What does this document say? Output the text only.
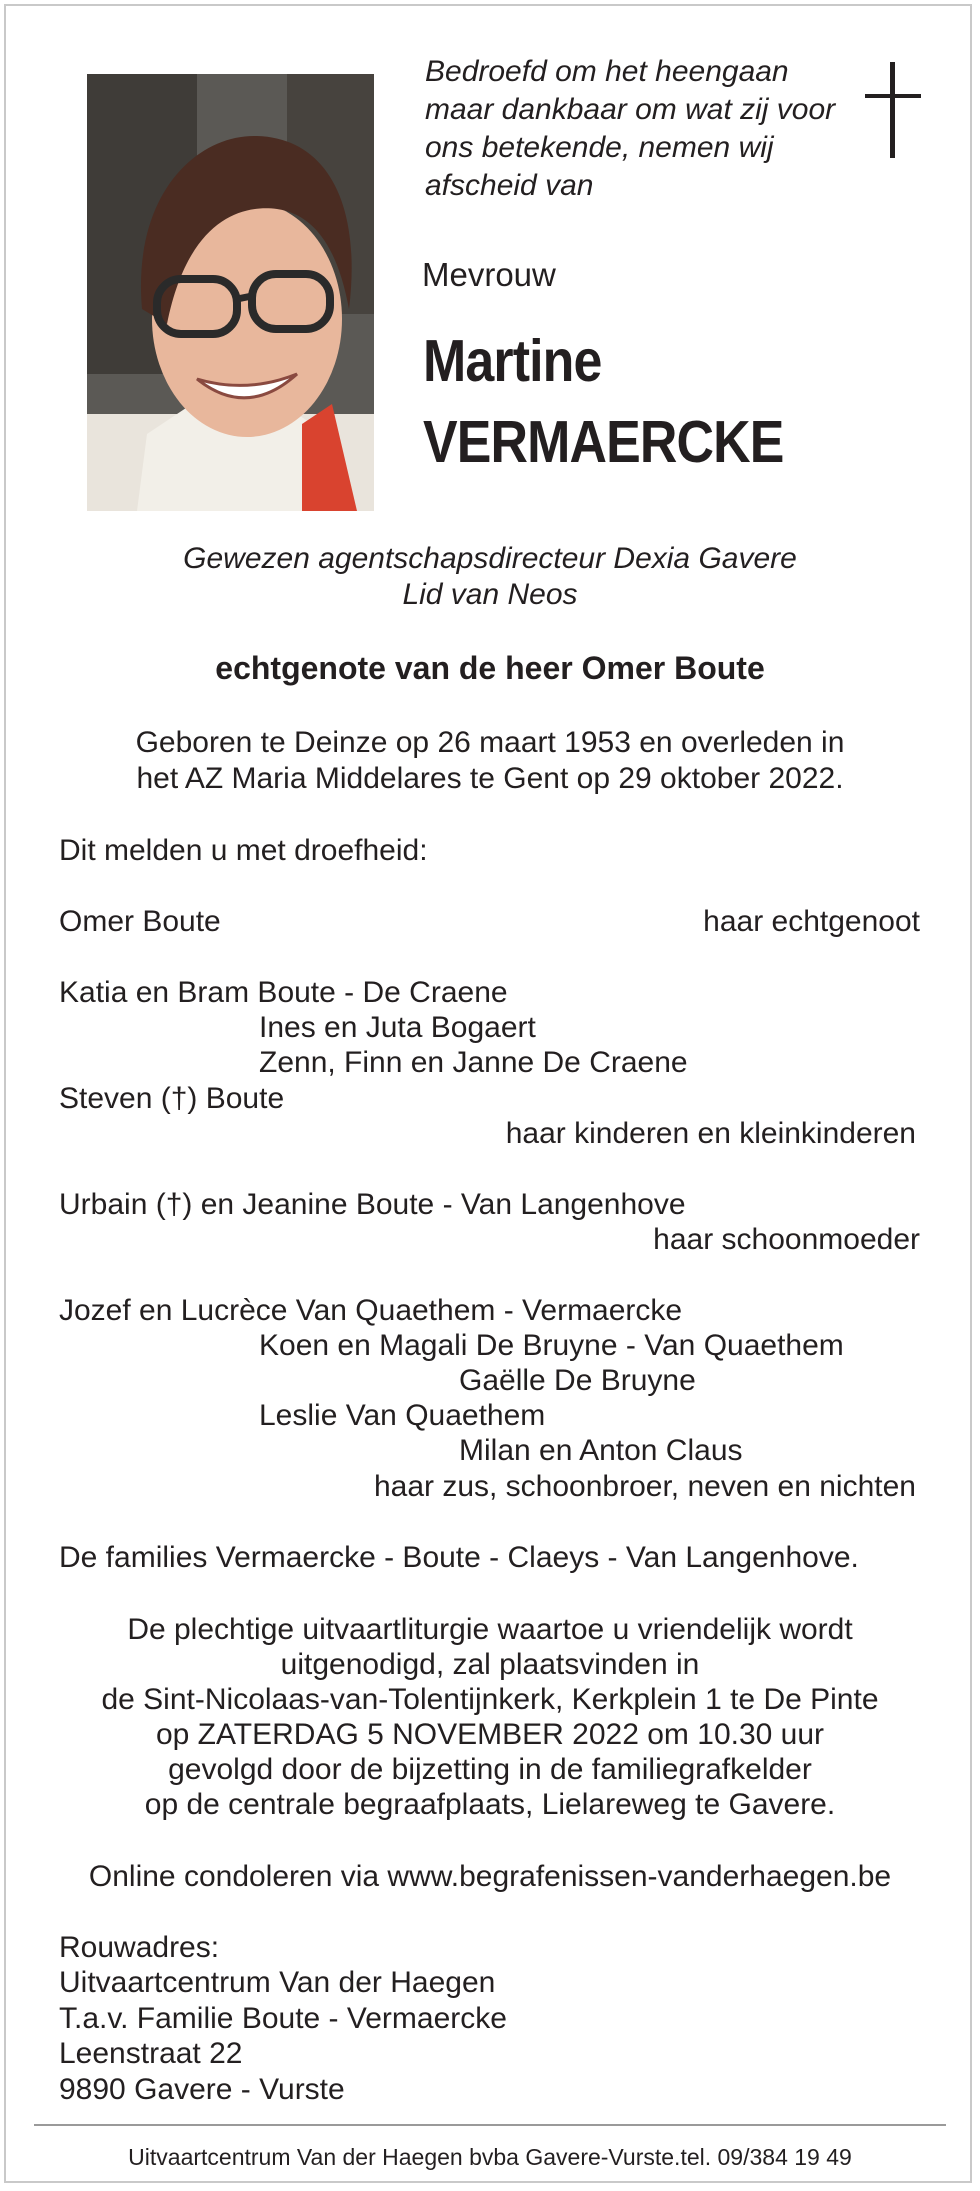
Bedroefd om het heengaan maar dankbaar om wat zij voor ons betekende, nemen wij afscheid van
Mevrouw
Martine
VERMAERCKE
Gewezen agentschapsdirecteur Dexia Gavere
Lid van Neos
echtgenote van de heer Omer Boute
Geboren te Deinze op 26 maart 1953 en overleden in
het AZ Maria Middelares te Gent op 29 oktober 2022.
Dit melden u met droefheid:
Omer Boute	haar echtgenoot
Katia en Bram Boute - De Craene
Ines en Juta Bogaert
Zenn, Finn en Janne De Craene
Steven (†) Boute
haar kinderen en kleinkinderen
Urbain (†) en Jeanine Boute - Van Langenhove
haar schoonmoeder
Jozef en Lucrèce Van Quaethem - Vermaercke
Koen en Magali De Bruyne - Van Quaethem
Gaëlle De Bruyne
Leslie Van Quaethem
Milan en Anton Claus
haar zus, schoonbroer, neven en nichten
De families Vermaercke - Boute - Claeys - Van Langenhove.
De plechtige uitvaartliturgie waartoe u vriendelijk wordt
uitgenodigd, zal plaatsvinden in
de Sint-Nicolaas-van-Tolentijnkerk, Kerkplein 1 te De Pinte
op ZATERDAG 5 NOVEMBER 2022 om 10.30 uur
gevolgd door de bijzetting in de familiegrafkelder
op de centrale begraafplaats, Lielareweg te Gavere.
Online condoleren via www.begrafenissen-vanderhaegen.be
Rouwadres:
Uitvaartcentrum Van der Haegen
T.a.v. Familie Boute - Vermaercke
Leenstraat 22
9890 Gavere - Vurste
Uitvaartcentrum Van der Haegen bvba Gavere-Vurste.tel. 09/384 19 49
